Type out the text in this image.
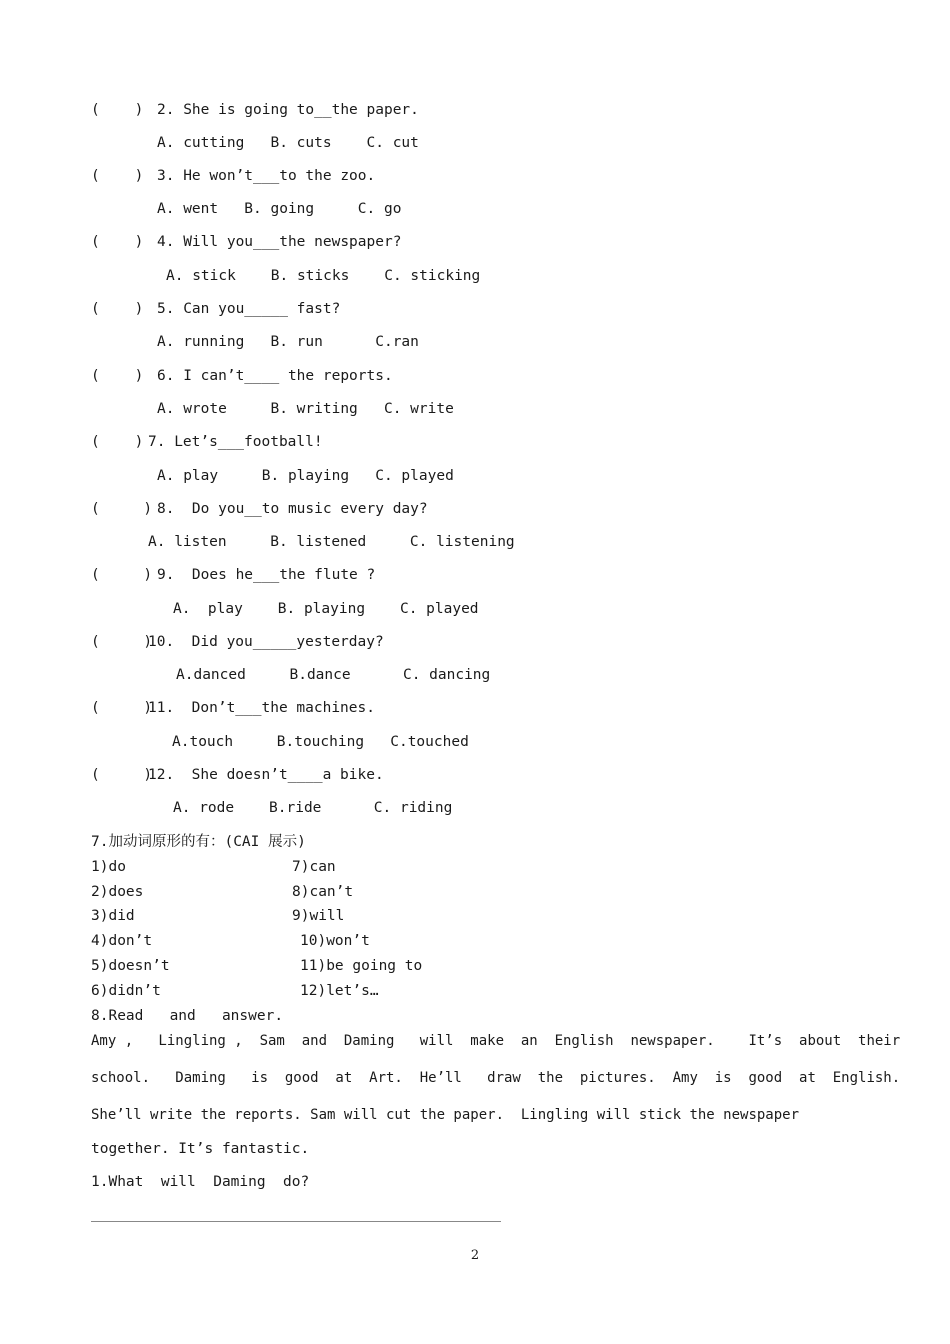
(    ) 2. She is going to__the paper.
A. cutting   B. cuts    C. cut
(    ) 3. He won’t___to the zoo.
A. went   B. going     C. go
(    ) 4. Will you___the newspaper?
A. stick    B. sticks    C. sticking
(    ) 5. Can you_____ fast?
A. running   B. run      C.ran
(    ) 6. I can’t____ the reports.
A. wrote     B. writing   C. write
(    ) 7. Let’s___football!
A. play     B. playing   C. played
(     ) 8.  Do you__to music every day?
A. listen     B. listened     C. listening
(     ) 9.  Does he___the flute ?
A.  play    B. playing    C. played
(     )
10.  Did you_____yesterday?
A.danced     B.dance      C. dancing
(     )
11.  Don’t___the machines.
A.touch     B.touching   C.touched
(     )
12.  She doesn’t____a bike.
A. rode    B.ride      C. riding
7.加动词原形的有：(CAI 展示)
1)do
2)does
3)did
4)don’t
5)doesn’t
6)didn’t
7)can
8)can’t
9)will
10)won’t
11)be going to
12)let’s…
8.Read   and   answer.
Amy ,   Lingling ,  Sam  and  Daming   will  make  an  English  newspaper.    It’s  about  their
school.   Daming   is  good  at  Art.  He’ll   draw  the  pictures.  Amy  is  good  at  English.
She’ll write the reports. Sam will cut the paper.  Lingling will stick the newspaper
together. It’s fantastic.
1.What  will  Daming  do?
2
